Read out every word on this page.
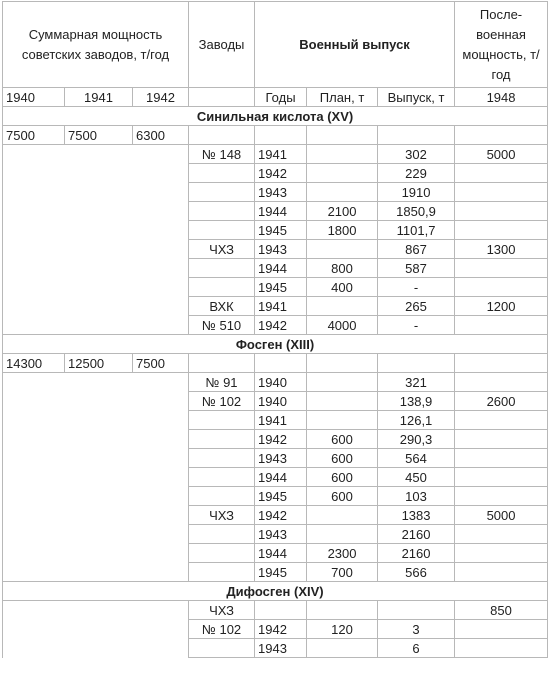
Суммарная мощность советских заводов, т/год			Заводы	Военный выпуск			После-военная мощность, т/год
1940	1941	1942		Годы	План, т	Выпуск, т	1948
Синильная кислота (XV)							
7500	7500	6300					
			№ 148	1941		302	5000
				1942		229	
				1943		1910	
				1944	2100	1850,9	
				1945	1800	1101,7	
			ЧХЗ	1943		867	1300
				1944	800	587	
				1945	400	-	
			ВХК	1941		265	1200
			№ 510	1942	4000	-	
Фосген (XIII)							
14300	12500	7500					
			№ 91	1940		321	
			№ 102	1940		138,9	2600
				1941		126,1	
				1942	600	290,3	
				1943	600	564	
				1944	600	450	
				1945	600	103	
			ЧХЗ	1942		1383	5000
				1943		2160	
				1944	2300	2160	
				1945	700	566	
Дифосген (XIV)							
			ЧХЗ				850
			№ 102	1942	120	3	
				1943		6	
